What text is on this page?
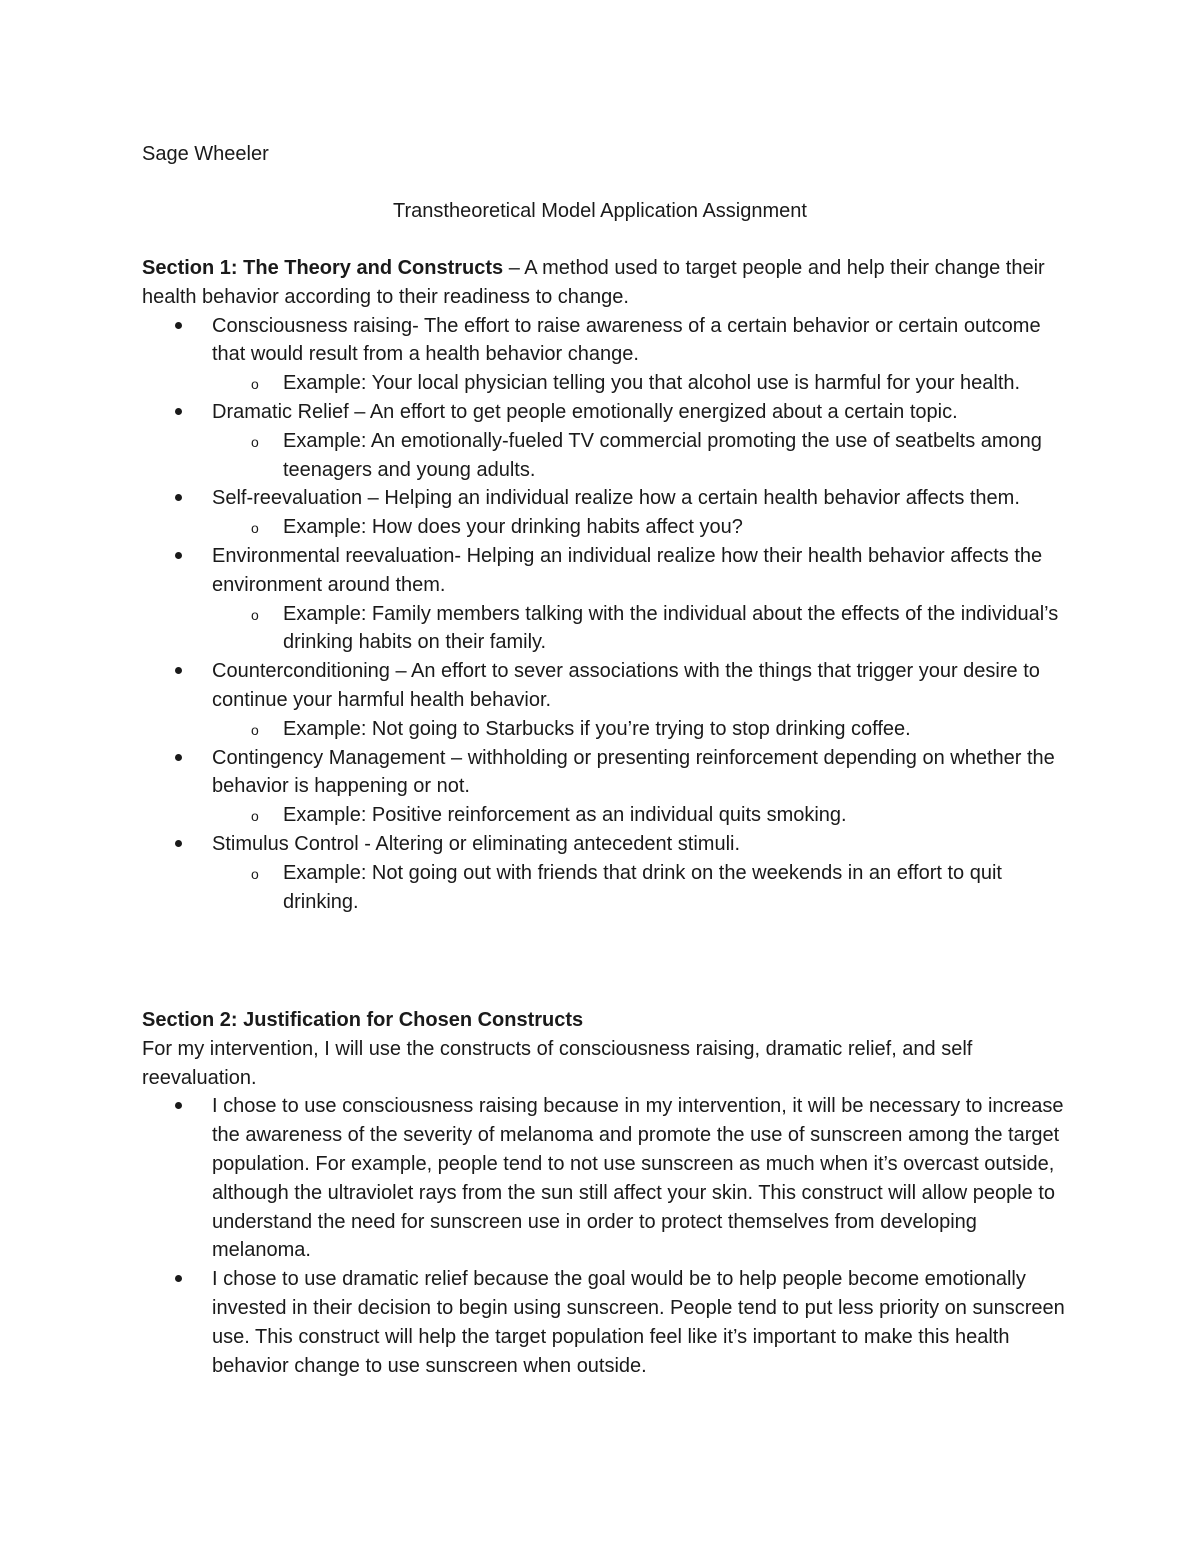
Sage Wheeler

Transtheoretical Model Application Assignment

Section 1: The Theory and Constructs – A method used to target people and help their change their health behavior according to their readiness to change.

Consciousness raising- The effort to raise awareness of a certain behavior or certain outcome that would result from a health behavior change.
o Example: Your local physician telling you that alcohol use is harmful for your health.
Dramatic Relief – An effort to get people emotionally energized about a certain topic.
o Example: An emotionally-fueled TV commercial promoting the use of seatbelts among teenagers and young adults.
Self-reevaluation – Helping an individual realize how a certain health behavior affects them.
o Example: How does your drinking habits affect you?
Environmental reevaluation- Helping an individual realize how their health behavior affects the environment around them.
o Example: Family members talking with the individual about the effects of the individual’s drinking habits on their family.
Counterconditioning – An effort to sever associations with the things that trigger your desire to continue your harmful health behavior.
o Example: Not going to Starbucks if you’re trying to stop drinking coffee.
Contingency Management – withholding or presenting reinforcement depending on whether the behavior is happening or not.
o Example: Positive reinforcement as an individual quits smoking.
Stimulus Control - Altering or eliminating antecedent stimuli.
o Example: Not going out with friends that drink on the weekends in an effort to quit drinking.

Section 2: Justification for Chosen Constructs

For my intervention, I will use the constructs of consciousness raising, dramatic relief, and self reevaluation.

I chose to use consciousness raising because in my intervention, it will be necessary to increase the awareness of the severity of melanoma and promote the use of sunscreen among the target population. For example, people tend to not use sunscreen as much when it’s overcast outside, although the ultraviolet rays from the sun still affect your skin. This construct will allow people to understand the need for sunscreen use in order to protect themselves from developing melanoma.
I chose to use dramatic relief because the goal would be to help people become emotionally invested in their decision to begin using sunscreen. People tend to put less priority on sunscreen use. This construct will help the target population feel like it’s important to make this health behavior change to use sunscreen when outside.
